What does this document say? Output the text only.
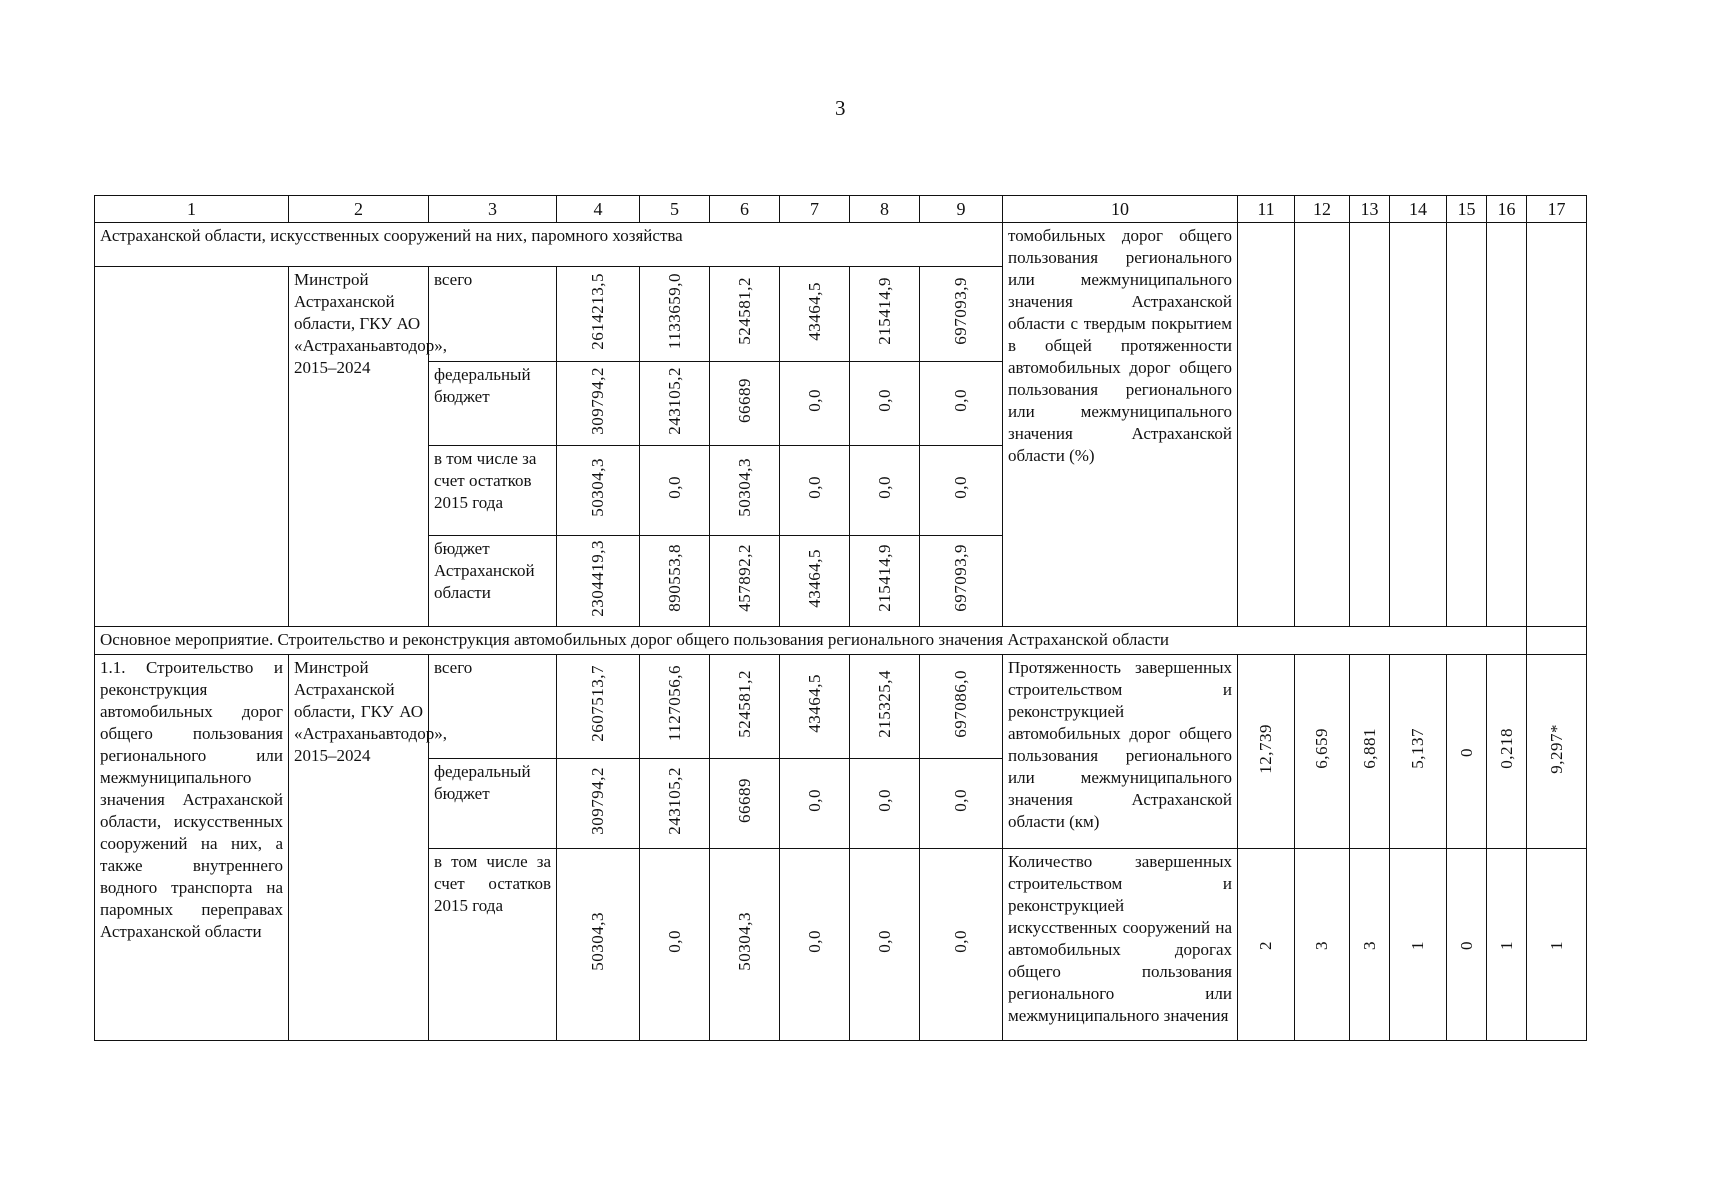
3
1	2	3	4	5	6	7	8	9	10	11	12	13	14	15	16	17
Астраханской области, искусственных сооружений на них, паромного хозяйства									томобильных дорог общего пользования регионального или межмуниципального значения Астраханской области с твердым покрытием в общей протяженности автомобильных дорог общего пользования регионального или межмуниципального значения Астраханской области (%)							
	Минстрой Астраханской области, ГКУ АО «Астраханьавтодор», 2015–2024	всего	2614213,5	1133659,0	524581,2	43464,5	215414,9	697093,9								
		федеральный бюджет	309794,2	243105,2	66689	0,0	0,0	0,0								
		в том числе за счет остатков 2015 года	50304,3	0,0	50304,3	0,0	0,0	0,0								
		бюджет Астраханской области	2304419,3	890553,8	457892,2	43464,5	215414,9	697093,9								
Основное мероприятие. Строительство и реконструкция автомобильных дорог общего пользования регионального значения Астраханской области																
1.1. Строительство и реконструкция автомобильных дорог общего пользования регионального или межмуниципального значения Астраханской области, искусственных сооружений на них, а также внутреннего водного транспорта на паромных переправах Астраханской области	Минстрой Астраханской области, ГКУ АО «Астраханьавтодор», 2015–2024	всего	2607513,7	1127056,6	524581,2	43464,5	215325,4	697086,0	Протяженность завершенных строительством и реконструкцией автомобильных дорог общего пользования регионального или межмуниципального значения Астраханской области (км)	12,739	6,659	6,881	5,137	0	0,218	9,297*
		федеральный бюджет	309794,2	243105,2	66689	0,0	0,0	0,0								
		в том числе за счет остатков 2015 года	50304,3	0,0	50304,3	0,0	0,0	0,0	Количество завершенных строительством и реконструкцией искусственных сооружений на автомобильных дорогах общего пользования регионального или межмуниципального значения	2	3	3	1	0	1	1
